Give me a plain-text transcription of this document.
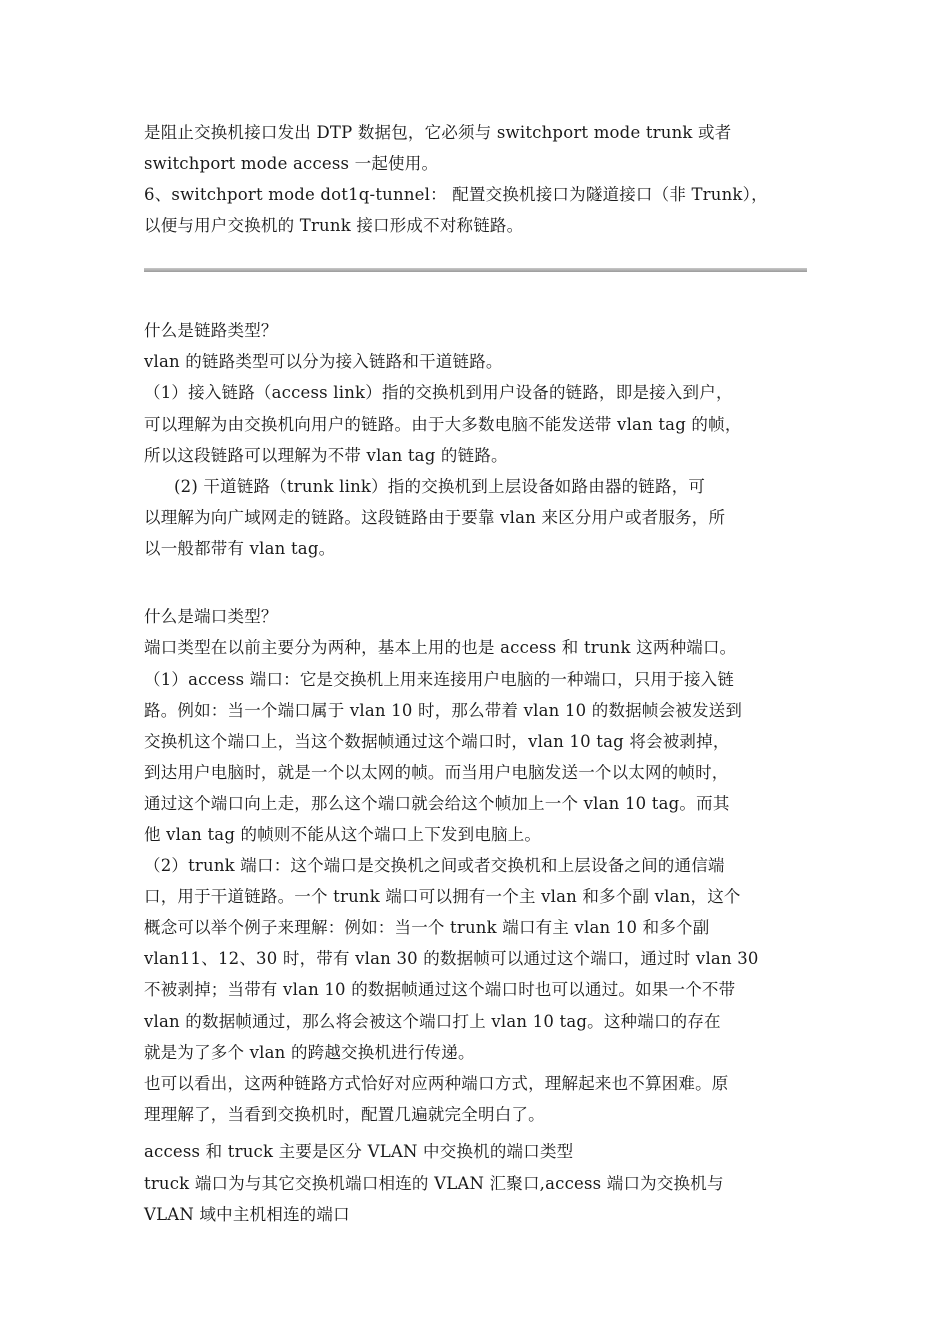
是阻止交换机接口发出 DTP 数据包，它必须与 switchport mode trunk 或者
switchport mode access 一起使用。
6、switchport mode dot1q-tunnel： 配置交换机接口为隧道接口（非 Trunk），
以便与用户交换机的 Trunk 接口形成不对称链路。
什么是链路类型？
vlan 的链路类型可以分为接入链路和干道链路。
（1）接入链路（access link）指的交换机到用户设备的链路，即是接入到户，
可以理解为由交换机向用户的链路。由于大多数电脑不能发送带 vlan tag 的帧，
所以这段链路可以理解为不带 vlan tag 的链路。
(2) 干道链路（trunk link）指的交换机到上层设备如路由器的链路，可
以理解为向广域网走的链路。这段链路由于要靠 vlan 来区分用户或者服务，所
以一般都带有 vlan tag。
什么是端口类型？
端口类型在以前主要分为两种，基本上用的也是 access 和 trunk 这两种端口。
（1）access 端口：它是交换机上用来连接用户电脑的一种端口，只用于接入链
路。例如：当一个端口属于 vlan 10 时，那么带着 vlan 10 的数据帧会被发送到
交换机这个端口上，当这个数据帧通过这个端口时，vlan 10 tag 将会被剥掉，
到达用户电脑时，就是一个以太网的帧。而当用户电脑发送一个以太网的帧时，
通过这个端口向上走，那么这个端口就会给这个帧加上一个 vlan 10 tag。而其
他 vlan tag 的帧则不能从这个端口上下发到电脑上。
（2）trunk 端口：这个端口是交换机之间或者交换机和上层设备之间的通信端
口，用于干道链路。一个 trunk 端口可以拥有一个主 vlan 和多个副 vlan，这个
概念可以举个例子来理解：例如：当一个 trunk 端口有主 vlan 10 和多个副
vlan11、12、30 时，带有 vlan 30 的数据帧可以通过这个端口，通过时 vlan 30
不被剥掉；当带有 vlan 10 的数据帧通过这个端口时也可以通过。如果一个不带
vlan 的数据帧通过，那么将会被这个端口打上 vlan 10 tag。这种端口的存在
就是为了多个 vlan 的跨越交换机进行传递。
也可以看出，这两种链路方式恰好对应两种端口方式，理解起来也不算困难。原
理理解了，当看到交换机时，配置几遍就完全明白了。
access 和 truck 主要是区分 VLAN 中交换机的端口类型
truck 端口为与其它交换机端口相连的 VLAN 汇聚口,access 端口为交换机与
VLAN 域中主机相连的端口
